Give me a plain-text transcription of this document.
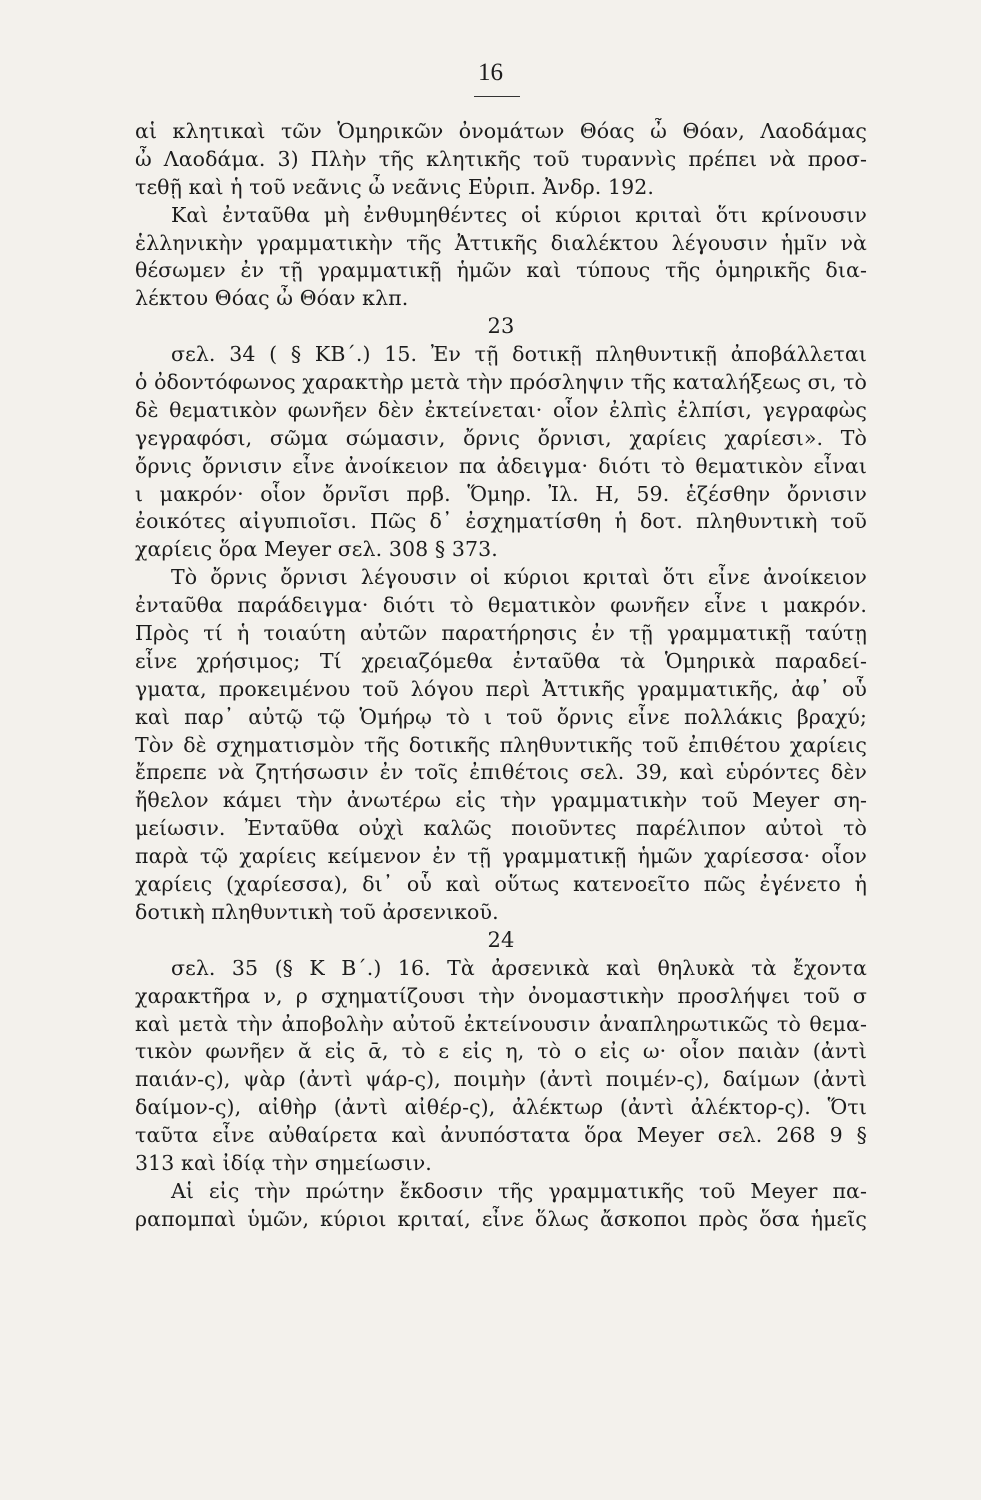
16
αἱ κλητικαὶ τῶν Ὁμηρικῶν ὀνομάτων Θόας ὦ Θόαν, Λαοδάμας
ὦ Λαοδάμα. 3) Πλὴν τῆς κλητικῆς τοῦ τυραννὶς πρέπει νὰ προσ-
τεθῇ καὶ ἡ τοῦ νεᾶνις ὦ νεᾶνις Εὐριπ. Ἀνδρ. 192.
Καὶ ἐνταῦθα μὴ ἐνθυμηθέντες οἱ κύριοι κριταὶ ὅτι κρίνουσιν
ἑλληνικὴν γραμματικὴν τῆς Ἀττικῆς διαλέκτου λέγουσιν ἡμῖν νὰ
θέσωμεν ἐν τῇ γραμματικῇ ἡμῶν καὶ τύπους τῆς ὁμηρικῆς δια-
λέκτου Θόας ὦ Θόαν κλπ.
23
σελ. 34 ( § ΚΒ΄.) 15. Ἐν τῇ δοτικῇ πληθυντικῇ ἀποβάλλεται
ὁ ὀδοντόφωνος χαρακτὴρ μετὰ τὴν πρόσληψιν τῆς καταλήξεως σι, τὸ
δὲ θεματικὸν φωνῆεν δὲν ἐκτείνεται· οἷον ἐλπὶς ἐλπίσι, γεγραφὼς
γεγραφόσι, σῶμα σώμασιν, ὄρνις ὄρνισι, χαρίεις χαρίεσι». Τὸ
ὄρνις ὄρνισιν εἶνε ἀνοίκειον πα ἀδειγμα· διότι τὸ θεματικὸν εἶναι
ι μακρόν· οἷον ὄρνῖσι πρβ. Ὅμηρ. Ἰλ. Η, 59. ἑζέσθην ὄρνισιν
ἐοικότες αἰγυπιοῖσι. Πῶς δ᾿ ἐσχηματίσθη ἡ δοτ. πληθυντικὴ τοῦ
χαρίεις ὅρα Meyer σελ. 308 § 373.
Τὸ ὄρνις ὄρνισι λέγουσιν οἱ κύριοι κριταὶ ὅτι εἶνε ἀνοίκειον
ἐνταῦθα παράδειγμα· διότι τὸ θεματικὸν φωνῆεν εἶνε ι μακρόν.
Πρὸς τί ἡ τοιαύτη αὐτῶν παρατήρησις ἐν τῇ γραμματικῇ ταύτῃ
εἶνε χρήσιμος; Τί χρειαζόμεθα ἐνταῦθα τὰ Ὁμηρικὰ παραδεί-
γματα, προκειμένου τοῦ λόγου περὶ Ἀττικῆς γραμματικῆς, ἀφ᾿ οὗ
καὶ παρ᾿ αὐτῷ τῷ Ὁμήρῳ τὸ ι τοῦ ὄρνις εἶνε πολλάκις βραχύ;
Τὸν δὲ σχηματισμὸν τῆς δοτικῆς πληθυντικῆς τοῦ ἐπιθέτου χαρίεις
ἔπρεπε νὰ ζητήσωσιν ἐν τοῖς ἐπιθέτοις σελ. 39, καὶ εὑρόντες δὲν
ἤθελον κάμει τὴν ἀνωτέρω εἰς τὴν γραμματικὴν τοῦ Meyer ση-
μείωσιν. Ἐνταῦθα οὐχὶ καλῶς ποιοῦντες παρέλιπον αὐτοὶ τὸ
παρὰ τῷ χαρίεις κείμενον ἐν τῇ γραμματικῇ ἡμῶν χαρίεσσα· οἷον
χαρίεις (χαρίεσσα), δι᾿ οὗ καὶ οὕτως κατενοεῖτο πῶς ἐγένετο ἡ
δοτικὴ πληθυντικὴ τοῦ ἀρσενικοῦ.
24
σελ. 35 (§ Κ Β΄.) 16. Τὰ ἀρσενικὰ καὶ θηλυκὰ τὰ ἔχοντα
χαρακτῆρα ν, ρ σχηματίζουσι τὴν ὀνομαστικὴν προσλήψει τοῦ σ
καὶ μετὰ τὴν ἀποβολὴν αὐτοῦ ἐκτείνουσιν ἀναπληρωτικῶς τὸ θεμα-
τικὸν φωνῆεν ᾰ εἰς ᾱ, τὸ ε εἰς η, τὸ ο εἰς ω· οἷον παιὰν (ἀντὶ
παιάν-ς), ψὰρ (ἀντὶ ψάρ-ς), ποιμὴν (ἀντὶ ποιμέν-ς), δαίμων (ἀντὶ
δαίμον-ς), αἰθὴρ (ἀντὶ αἰθέρ-ς), ἀλέκτωρ (ἀντὶ ἀλέκτορ-ς). Ὅτι
ταῦτα εἶνε αὐθαίρετα καὶ ἀνυπόστατα ὅρα Meyer σελ. 268 9 §
313 καὶ ἰδίᾳ τὴν σημείωσιν.
Αἱ εἰς τὴν πρώτην ἔκδοσιν τῆς γραμματικῆς τοῦ Meyer πα-
ραπομπαὶ ὑμῶν, κύριοι κριταί, εἶνε ὅλως ἄσκοποι πρὸς ὅσα ἡμεῖς
